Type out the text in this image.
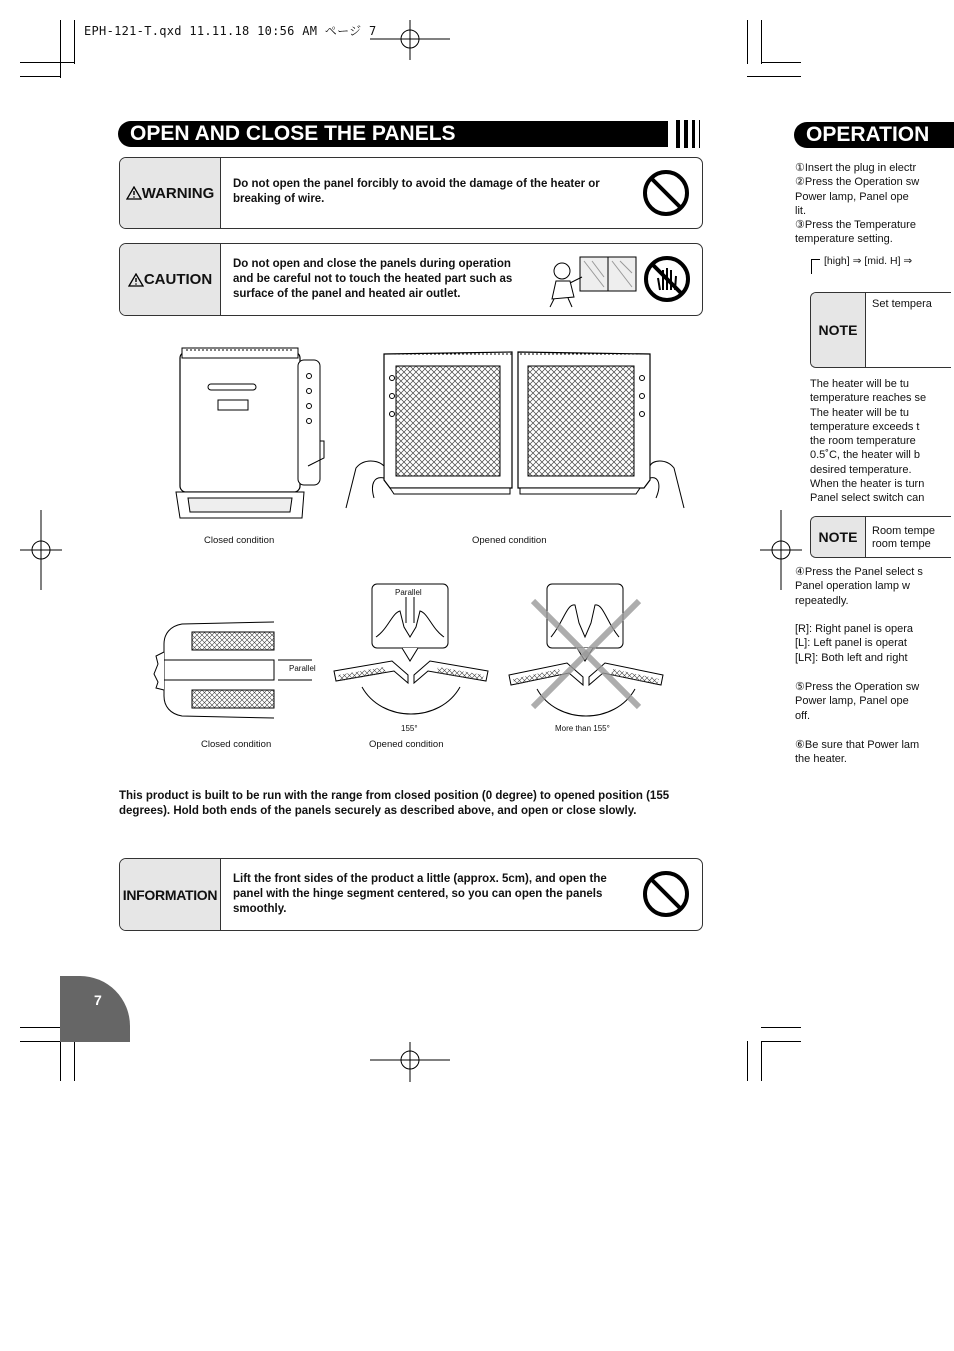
EPH-121-T.qxd 11.11.18 10:56 AM ページ 7
OPEN AND CLOSE THE PANELS
WARNING
Do not open the panel forcibly to avoid the damage of the heater or
breaking of wire.
CAUTION
Do not open and close the panels during operation
and be careful not to touch the heated part such as
surface of the panel and heated air outlet.
Closed condition	Opened condition
Parallel
Closed condition
Parallel
155°
Opened condition
More than 155°
This product is built to be run with the range from closed position (0 degree) to opened position (155
degrees). Hold both ends of the panels securely as described above, and open or close slowly.
INFORMATION
Lift the front sides of the product a little (approx. 5cm), and open the
panel with the hinge segment centered, so you can open the panels
smoothly.
7
OPERATION
①Insert the plug in electr
②Press the Operation sw
Power lamp, Panel ope
lit.
③Press the Temperature
temperature setting.
[high] ⇒ [mid. H] ⇒
NOTE
Set tempera
The heater will be tu
temperature reaches se
The heater will be tu
temperature exceeds t
the room temperature
0.5˚C, the heater will b
desired temperature.
When the heater is turn
Panel select switch can
NOTE	Room tempe
room tempe
④Press the Panel select s
Panel operation lamp w
repeatedly.
[R]: Right panel is opera
[L]: Left panel is operat
[LR]: Both left and right
⑤Press the Operation sw
Power lamp, Panel ope
off.
⑥Be sure that Power lam
the heater.
